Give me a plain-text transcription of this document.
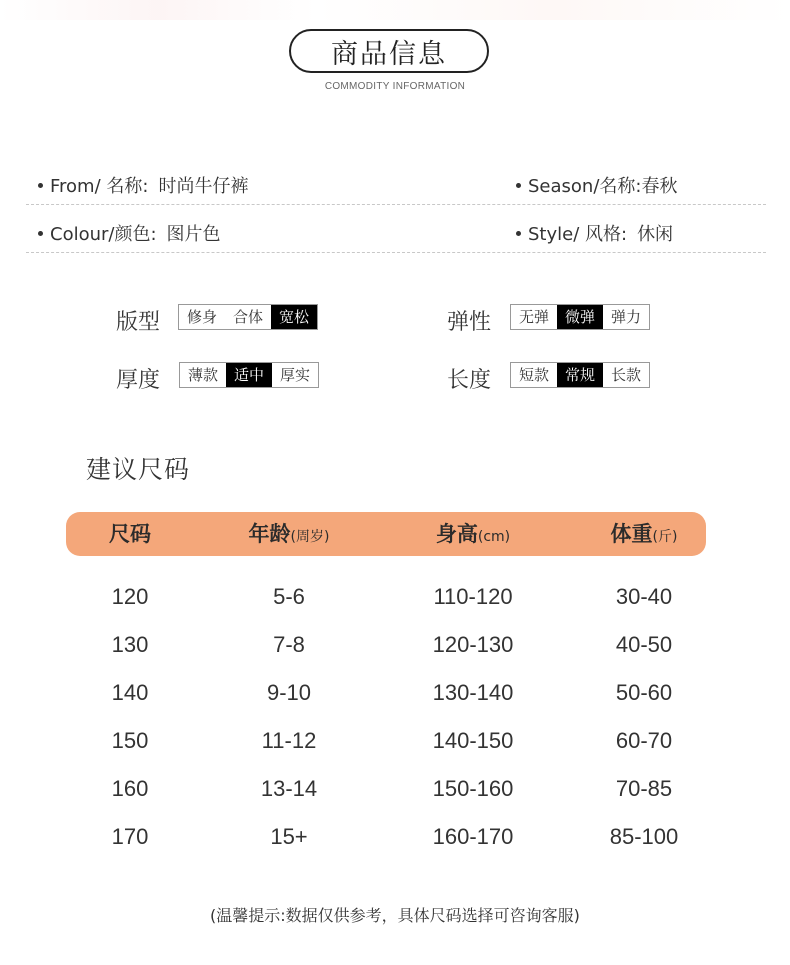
商品信息
COMMODITY INFORMATION
From/ 名称: 时尚牛仔裤	Season/名称:春秋
Colour/颜色: 图片色	Style/ 风格: 休闲
版型	修身	合体	宽松	弹性	无弹	微弹	弹力
厚度	薄款	适中	厚实	长度	短款	常规	长款
建议尺码
尺码	年龄(周岁)	身高(cm)	体重(斤)
120	5-6	110-120	30-40
130	7-8	120-130	40-50
140	9-10	130-140	50-60
150	11-12	140-150	60-70
160	13-14	150-160	70-85
170	15+	160-170	85-100
(温馨提示:数据仅供参考，具体尺码选择可咨询客服)
